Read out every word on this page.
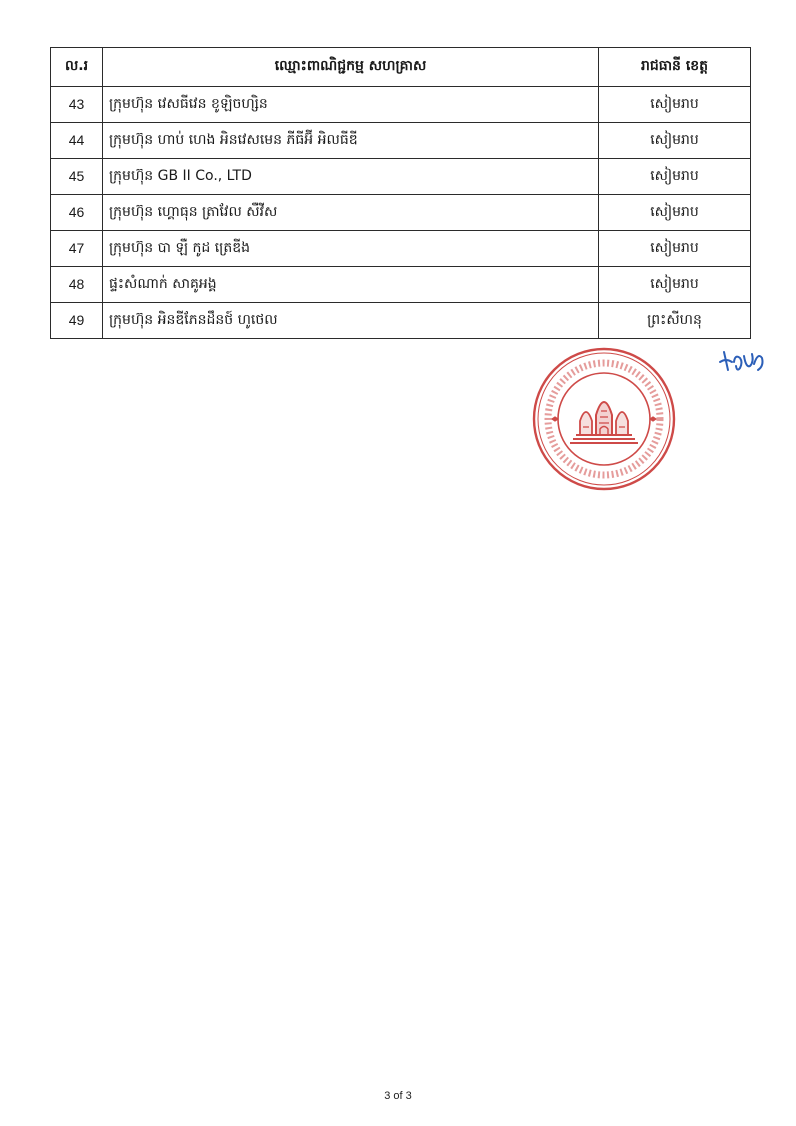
ល.រ	ឈ្មោះពាណិជ្ជកម្ម សហគ្រាស	រាជធានី ខេត្ត
43	ក្រុមហ៊ុន វេសធីវេន ខូឡិចហ្សិន	សៀមរាប
44	ក្រុមហ៊ុន ហាប់ ហេង អិនវេសមេន ភីធីអ៊ី អិលធីឌី	សៀមរាប
45	ក្រុមហ៊ុន GB II Co., LTD	សៀមរាប
46	ក្រុមហ៊ុន ហ្គោធុន ត្រាវែល សឺវីស	សៀមរាប
47	ក្រុមហ៊ុន បា ឡឺ កូដ ត្រេឌីង	សៀមរាប
48	ផ្ទះសំណាក់ សាគូអង្គ	សៀមរាប
49	ក្រុមហ៊ុន អិនឌីភែនដឹនថ៍ ហូថេល	ព្រះសីហនុ
3 of 3
